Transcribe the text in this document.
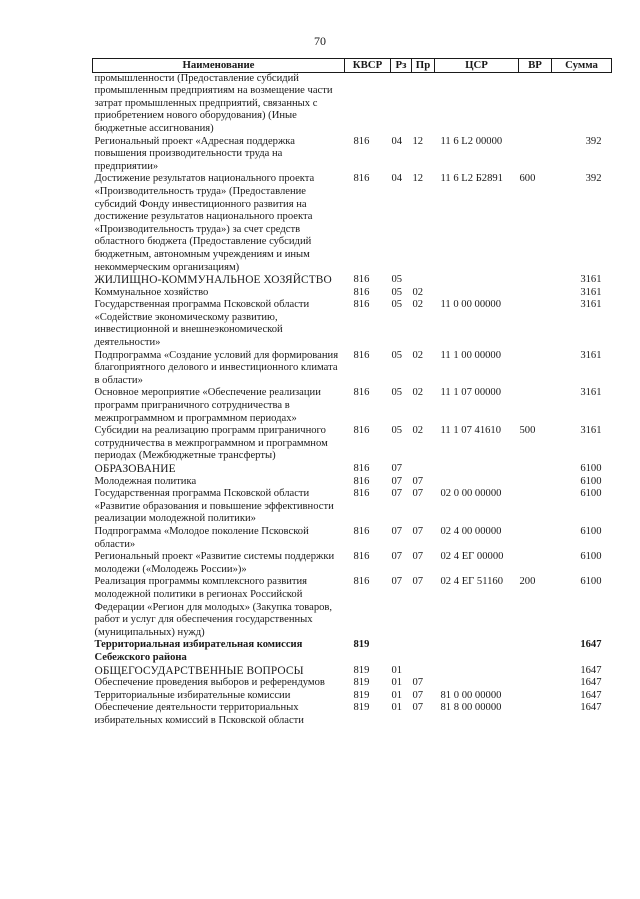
70
Наименование	КВСР	Рз	Пр	ЦСР	ВР	Сумма
промышленности (Предоставление субсидий промышленным предприятиям на возмещение части затрат промышленных предприятий, связанных с приобретением нового оборудования) (Иные бюджетные ассигнования)						
Региональный проект «Адресная поддержка повышения производительности труда на предприятии»	816	04	12	11 6 L2 00000		392
Достижение результатов национального проекта «Производительность труда» (Предоставление субсидий Фонду инвестиционного развития на достижение результатов национального проекта «Производительность труда») за счет средств областного бюджета (Предоставление субсидий бюджетным, автономным учреждениям и иным некоммерческим организациям)	816	04	12	11 6 L2 Б2891	600	392
ЖИЛИЩНО-КОММУНАЛЬНОЕ ХОЗЯЙСТВО	816	05				3161
Коммунальное хозяйство	816	05	02			3161
Государственная программа Псковской области «Содействие экономическому развитию, инвестиционной и внешнеэкономической деятельности»	816	05	02	11 0 00 00000		3161
Подпрограмма «Создание условий для формирования благоприятного делового и инвестиционного климата в области»	816	05	02	11 1 00 00000		3161
Основное мероприятие «Обеспечение реализации программ приграничного сотрудничества в межпрограммном и программном периодах»	816	05	02	11 1 07 00000		3161
Субсидии на реализацию программ приграничного сотрудничества в межпрограммном и программном периодах (Межбюджетные трансферты)	816	05	02	11 1 07 41610	500	3161
ОБРАЗОВАНИЕ	816	07				6100
Молодежная политика	816	07	07			6100
Государственная программа Псковской области «Развитие образования и повышение эффективности реализации молодежной политики»	816	07	07	02 0 00 00000		6100
Подпрограмма «Молодое поколение Псковской области»	816	07	07	02 4 00 00000		6100
Региональный проект «Развитие системы поддержки молодежи («Молодежь России»)»	816	07	07	02 4 EГ 00000		6100
Реализация программы комплексного развития молодежной политики в регионах Российской Федерации «Регион для молодых» (Закупка товаров, работ и услуг для обеспечения государственных (муниципальных) нужд)	816	07	07	02 4 EГ 51160	200	6100
Территориальная избирательная комиссия Себежского района	819					1647
ОБЩЕГОСУДАРСТВЕННЫЕ ВОПРОСЫ	819	01				1647
Обеспечение проведения выборов и референдумов	819	01	07			1647
Территориальные избирательные комиссии	819	01	07	81 0 00 00000		1647
Обеспечение деятельности территориальных избирательных комиссий в Псковской области	819	01	07	81 8 00 00000		1647
